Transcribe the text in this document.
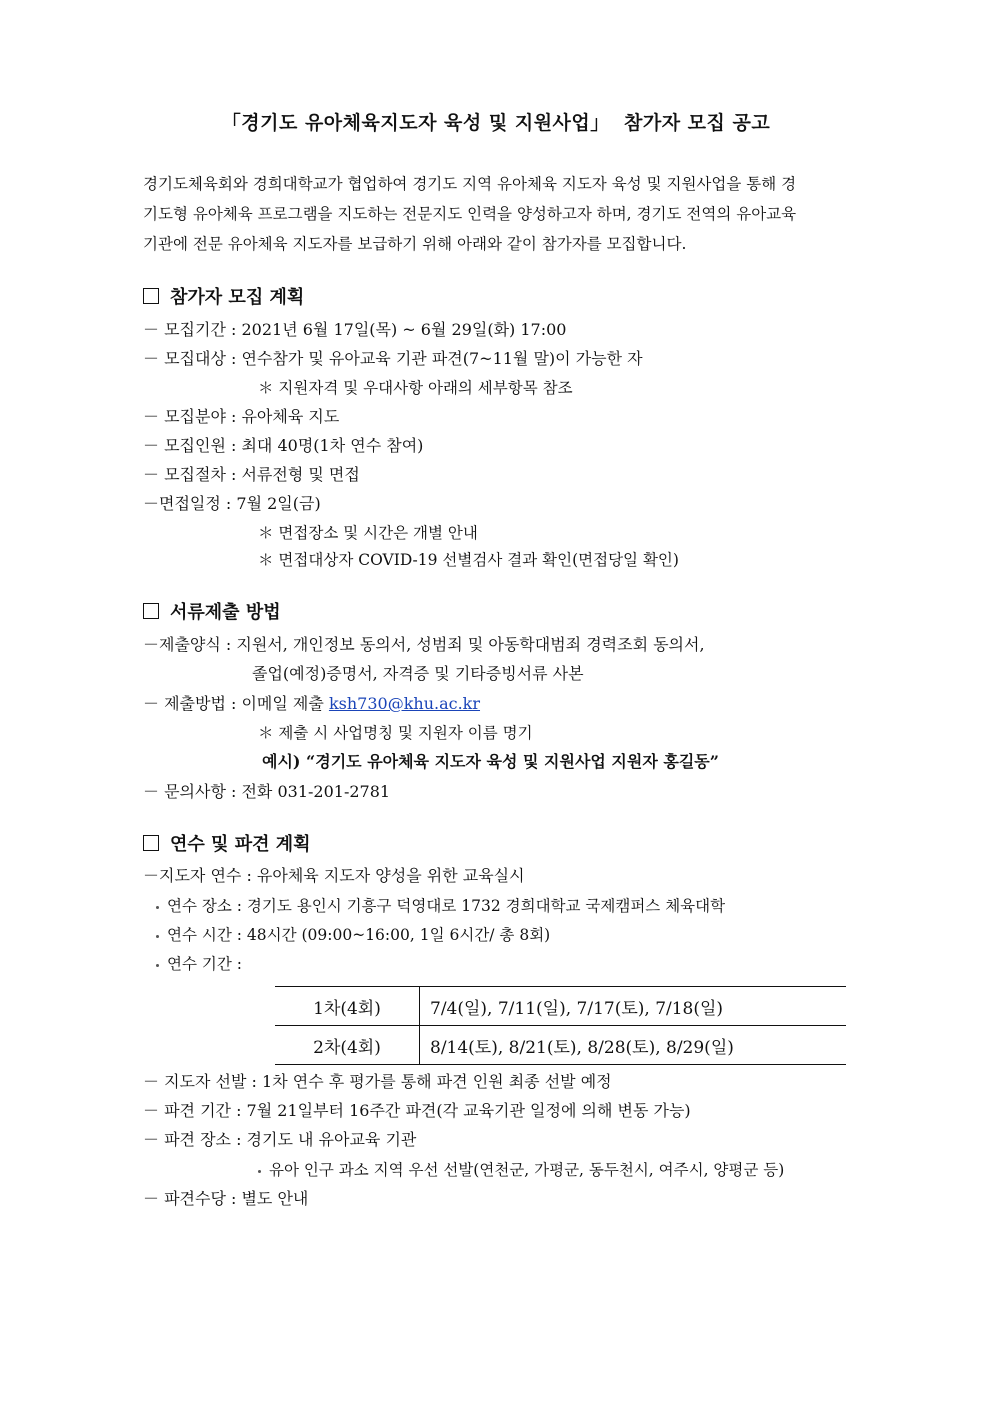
「경기도 유아체육지도자 육성 및 지원사업」  참가자 모집 공고
경기도체육회와 경희대학교가 협업하여 경기도 지역 유아체육 지도자 육성 및 지원사업을 통해 경
기도형 유아체육 프로그램을 지도하는 전문지도 인력을 양성하고자 하며, 경기도 전역의 유아교육
기관에 전문 유아체육 지도자를 보급하기 위해 아래와 같이 참가자를 모집합니다.
참가자 모집 계획
－ 모집기간 : 2021년 6월 17일(목) ~ 6월 29일(화) 17:00
－ 모집대상 : 연수참가 및 유아교육 기관 파견(7~11월 말)이 가능한 자
＊ 지원자격 및 우대사항 아래의 세부항목 참조
－ 모집분야 : 유아체육 지도
－ 모집인원 : 최대 40명(1차 연수 참여)
－ 모집절차 : 서류전형 및 면접
－면접일정 : 7월 2일(금)
＊ 면접장소 및 시간은 개별 안내
＊ 면접대상자 COVID-19 선별검사 결과 확인(면접당일 확인)
서류제출 방법
－제출양식 : 지원서, 개인정보 동의서, 성범죄 및 아동학대범죄 경력조회 동의서,
졸업(예정)증명서, 자격증 및 기타증빙서류 사본
－ 제출방법 : 이메일 제출 ksh730@khu.ac.kr
＊ 제출 시 사업명칭 및 지원자 이름 명기
예시) “경기도 유아체육 지도자 육성 및 지원사업 지원자 홍길동”
－ 문의사항 : 전화 031-201-2781
연수 및 파견 계획
－지도자 연수 : 유아체육 지도자 양성을 위한 교육실시
연수 장소 : 경기도 용인시 기흥구 덕영대로 1732 경희대학교 국제캠퍼스 체육대학
연수 시간 : 48시간 (09:00~16:00, 1일 6시간/ 총 8회)
연수 기간 :
1차(4회)	7/4(일), 7/11(일), 7/17(토), 7/18(일)
2차(4회)	8/14(토), 8/21(토), 8/28(토), 8/29(일)
－ 지도자 선발 : 1차 연수 후 평가를 통해 파견 인원 최종 선발 예정
－ 파견 기간 : 7월 21일부터 16주간 파견(각 교육기관 일정에 의해 변동 가능)
－ 파견 장소 : 경기도 내 유아교육 기관
유아 인구 과소 지역 우선 선발(연천군, 가평군, 동두천시, 여주시, 양평군 등)
－ 파견수당 : 별도 안내
